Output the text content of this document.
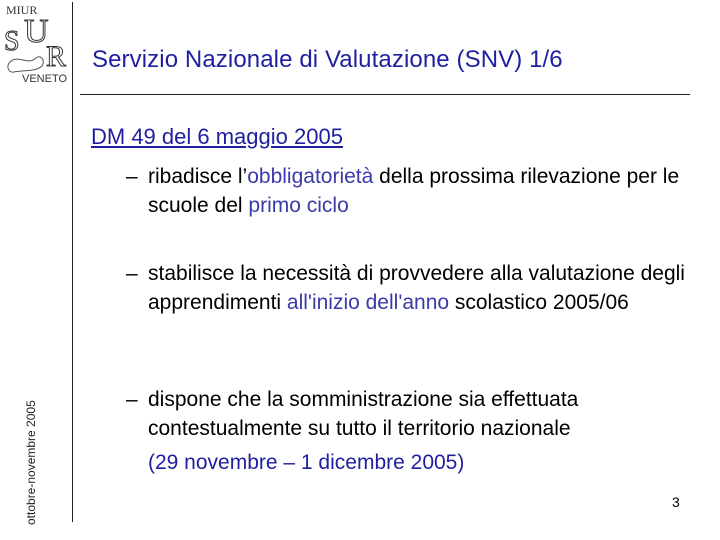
MIUR
U
S R
VENETO
Servizio Nazionale di Valutazione (SNV) 1/6
ottobre-novembre 2005
DM 49 del 6 maggio 2005
– ribadisce l’obbligatorietà della prossima rilevazione per le scuole del primo ciclo
– stabilisce la necessità di provvedere alla valutazione degli apprendimenti all'inizio dell'anno scolastico 2005/06
– dispone che la somministrazione sia effettuata contestualmente su tutto il territorio nazionale
(29 novembre – 1 dicembre 2005)
3
